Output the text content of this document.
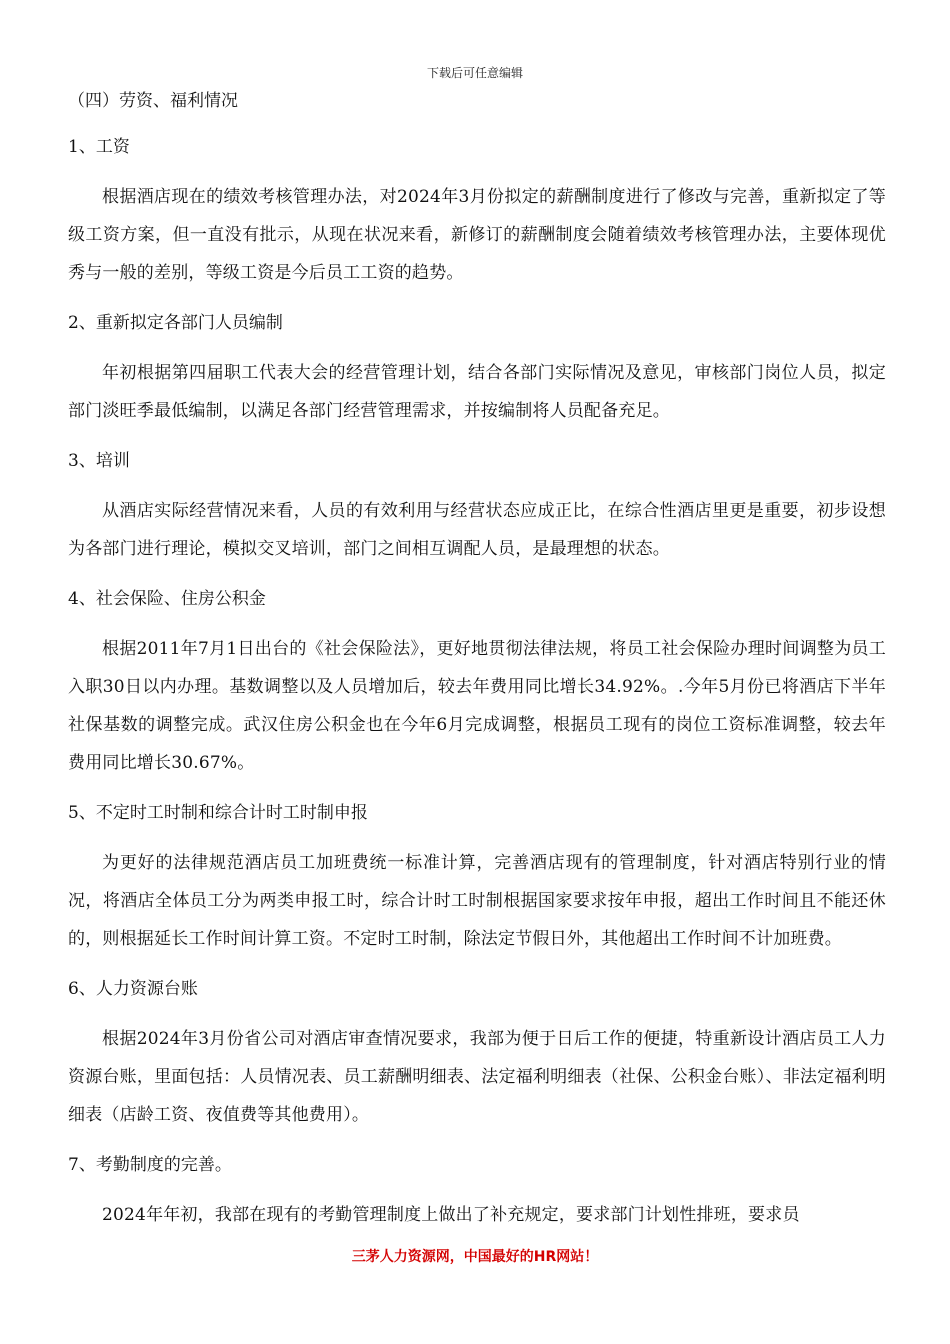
下载后可任意编辑

（四）劳资、福利情况

1、工资

根据酒店现在的绩效考核管理办法，对2024年3月份拟定的薪酬制度进行了修改与完善，重新拟定了等级工资方案，但一直没有批示，从现在状况来看，新修订的薪酬制度会随着绩效考核管理办法，主要体现优秀与一般的差别，等级工资是今后员工工资的趋势。

2、重新拟定各部门人员编制

年初根据第四届职工代表大会的经营管理计划，结合各部门实际情况及意见，审核部门岗位人员，拟定部门淡旺季最低编制，以满足各部门经营管理需求，并按编制将人员配备充足。

3、培训

从酒店实际经营情况来看，人员的有效利用与经营状态应成正比，在综合性酒店里更是重要，初步设想为各部门进行理论，模拟交叉培训，部门之间相互调配人员，是最理想的状态。

4、社会保险、住房公积金

根据2011年7月1日出台的《社会保险法》，更好地贯彻法律法规，将员工社会保险办理时间调整为员工入职30日以内办理。基数调整以及人员增加后，较去年费用同比增长34.92%。.今年5月份已将酒店下半年社保基数的调整完成。武汉住房公积金也在今年6月完成调整，根据员工现有的岗位工资标准调整，较去年费用同比增长30.67%。

5、不定时工时制和综合计时工时制申报

为更好的法律规范酒店员工加班费统一标准计算，完善酒店现有的管理制度，针对酒店特别行业的情况，将酒店全体员工分为两类申报工时，综合计时工时制根据国家要求按年申报，超出工作时间且不能还休的，则根据延长工作时间计算工资。不定时工时制，除法定节假日外，其他超出工作时间不计加班费。

6、人力资源台账

根据2024年3月份省公司对酒店审查情况要求，我部为便于日后工作的便捷，特重新设计酒店员工人力资源台账，里面包括：人员情况表、员工薪酬明细表、法定福利明细表（社保、公积金台账）、非法定福利明细表（店龄工资、夜值费等其他费用）。

7、考勤制度的完善。

2024年年初，我部在现有的考勤管理制度上做出了补充规定，要求部门计划性排班，要求员

三茅人力资源网，中国最好的HR网站！
